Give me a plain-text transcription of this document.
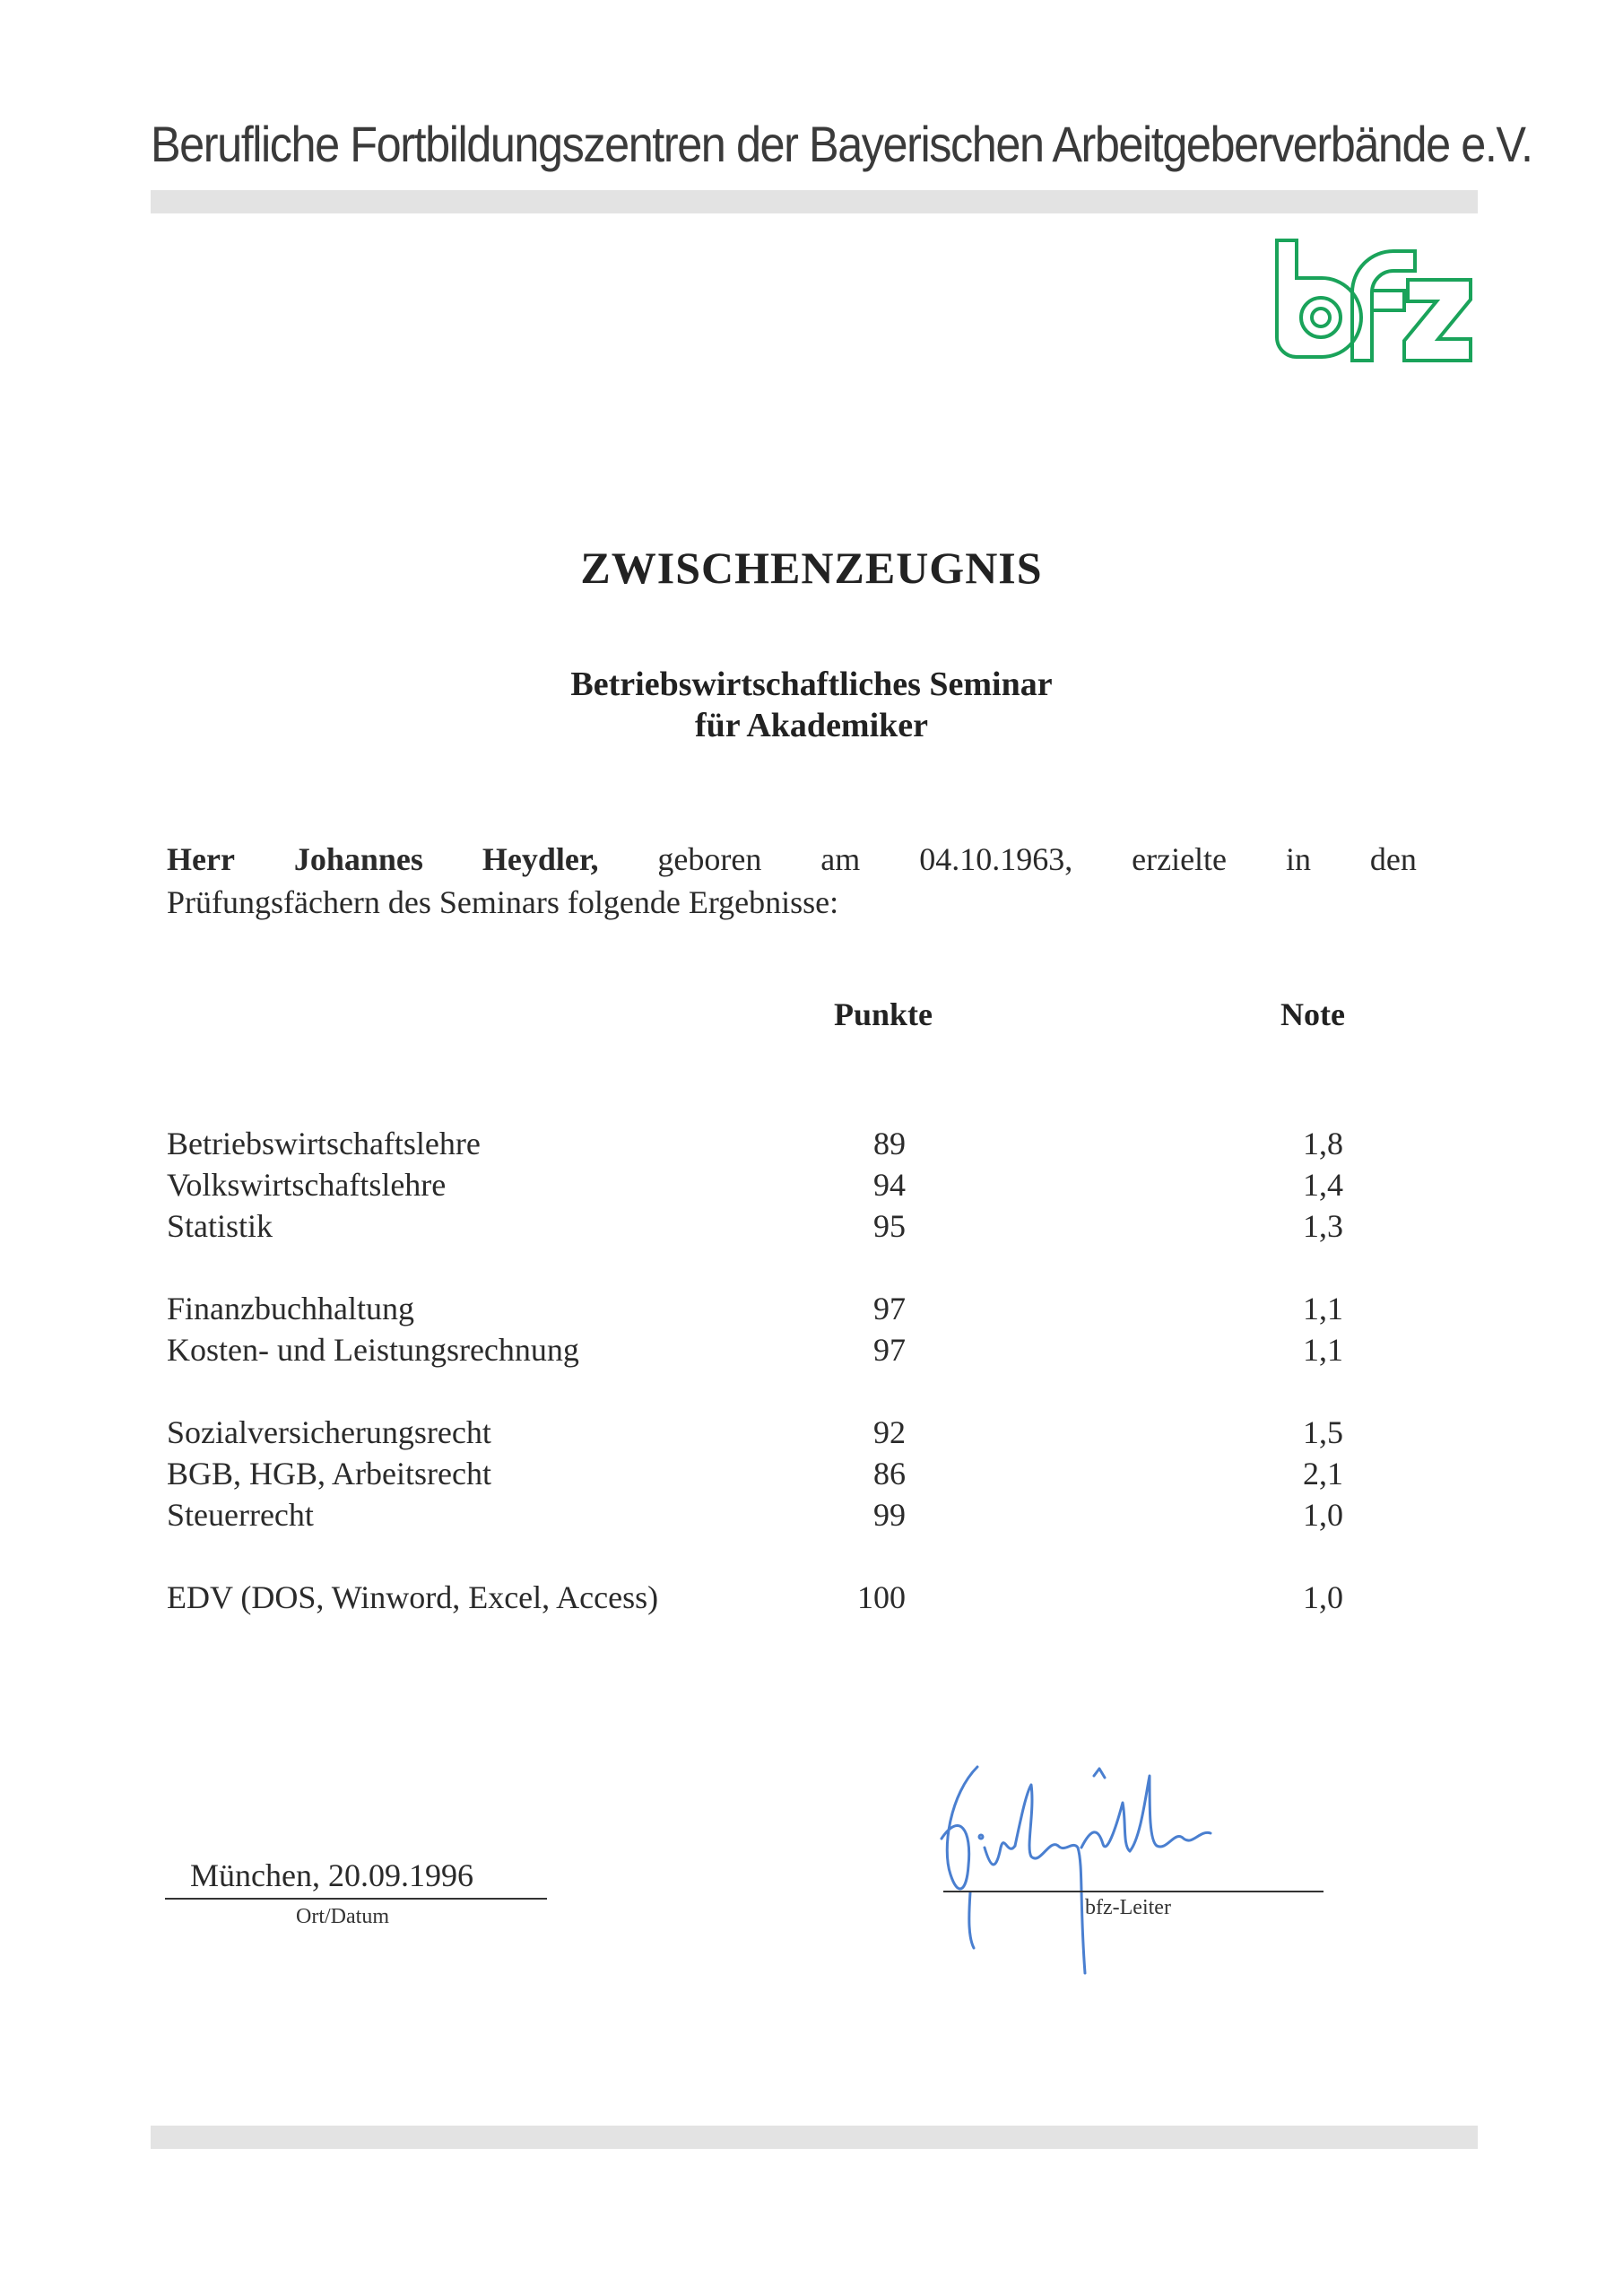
Berufliche Fortbildungszentren der Bayerischen Arbeitgeberverbände e.V.
ZWISCHENZEUGNIS
Betriebswirtschaftliches Seminar
für Akademiker
Herr Johannes Heydler, geboren am 04.10.1963, erzielte in den
Prüfungsfächern des Seminars folgende Ergebnisse:
Punkte	Note
Betriebswirtschaftslehre	89	1,8
Volkswirtschaftslehre	94	1,4
Statistik	95	1,3
Finanzbuchhaltung	97	1,1
Kosten- und Leistungsrechnung	97	1,1
Sozialversicherungsrecht	92	1,5
BGB, HGB, Arbeitsrecht	86	2,1
Steuerrecht	99	1,0
EDV (DOS, Winword, Excel, Access)	100	1,0
München, 20.09.1996
Ort/Datum	bfz-Leiter
